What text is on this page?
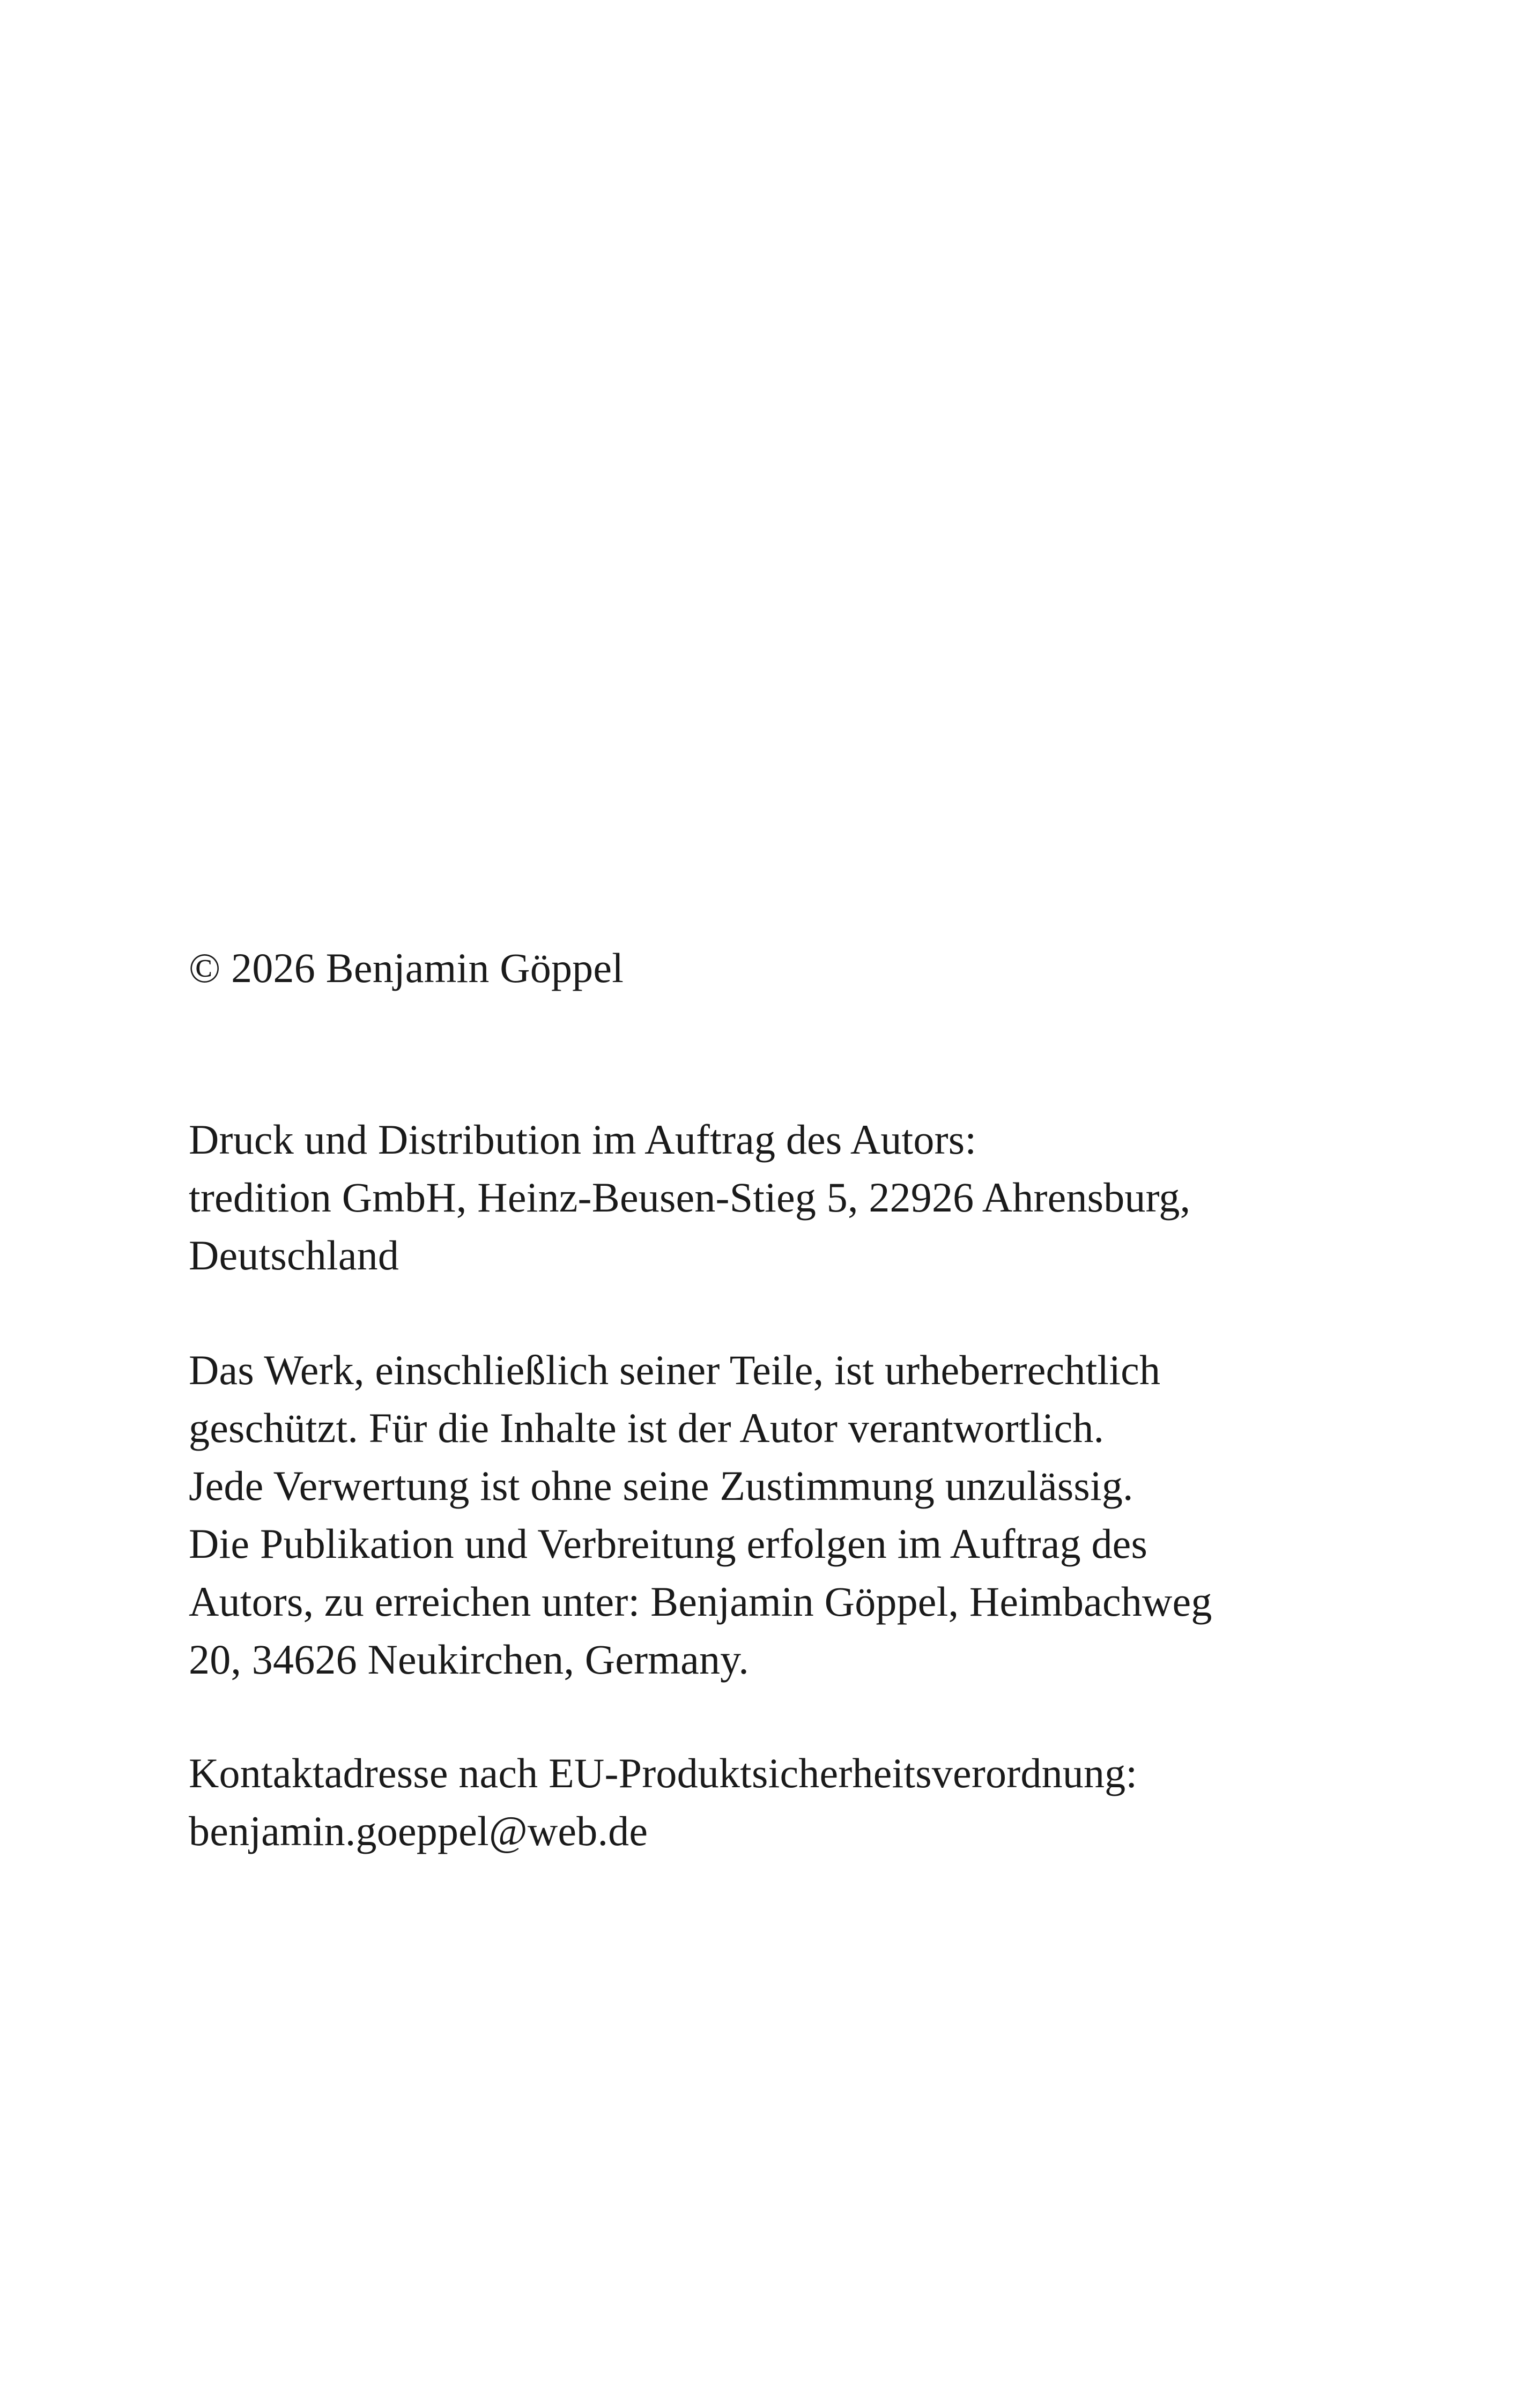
© 2026 Benjamin Göppel
Druck und Distribution im Auftrag des Autors:
tredition GmbH, Heinz-Beusen-Stieg 5, 22926 Ahrensburg,
Deutschland
Das Werk, einschließlich seiner Teile, ist urheberrechtlich
geschützt. Für die Inhalte ist der Autor verantwortlich.
Jede Verwertung ist ohne seine Zustimmung unzulässig.
Die Publikation und Verbreitung erfolgen im Auftrag des
Autors, zu erreichen unter: Benjamin Göppel, Heimbachweg
20, 34626 Neukirchen, Germany.
Kontaktadresse nach EU-Produktsicherheitsverordnung:
benjamin.goeppel@web.de
